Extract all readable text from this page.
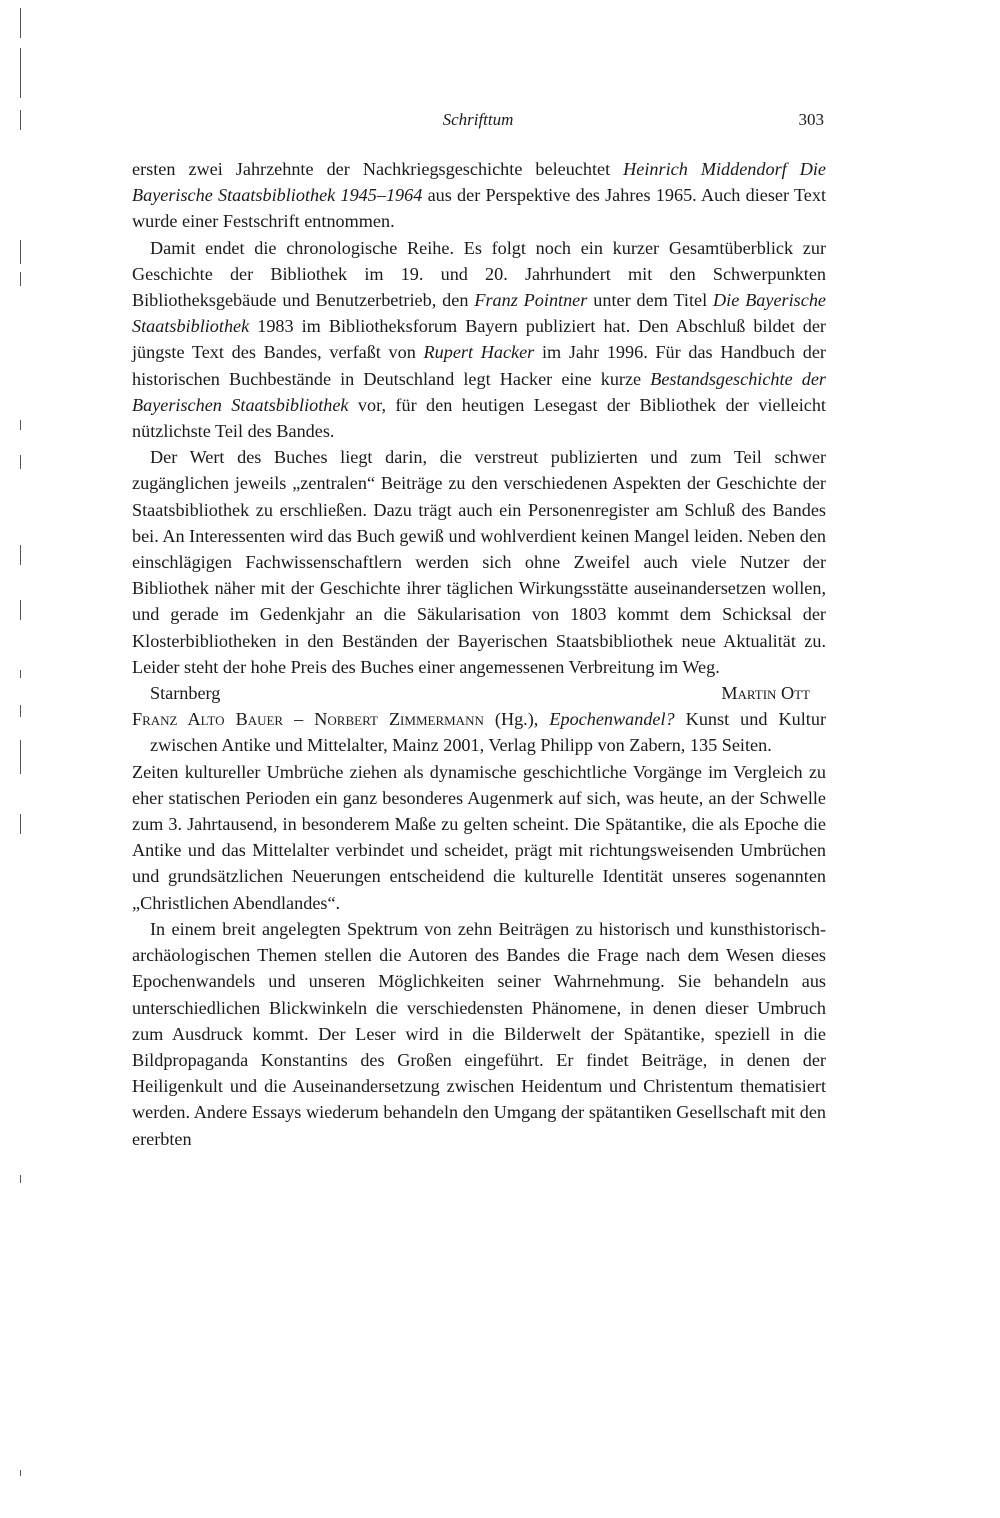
Schrifttum	303

ersten zwei Jahrzehnte der Nachkriegsgeschichte beleuchtet Heinrich Middendorf Die Bayerische Staatsbibliothek 1945–1964 aus der Perspektive des Jahres 1965. Auch dieser Text wurde einer Festschrift entnommen.

Damit endet die chronologische Reihe. Es folgt noch ein kurzer Gesamtüberblick zur Geschichte der Bibliothek im 19. und 20. Jahrhundert mit den Schwerpunkten Bibliotheksgebäude und Benutzerbetrieb, den Franz Pointner unter dem Titel Die Bayerische Staatsbibliothek 1983 im Bibliotheksforum Bayern publiziert hat. Den Abschluß bildet der jüngste Text des Bandes, verfaßt von Rupert Hacker im Jahr 1996. Für das Handbuch der historischen Buchbestände in Deutschland legt Hacker eine kurze Bestandsgeschichte der Bayerischen Staatsbibliothek vor, für den heutigen Lesegast der Bibliothek der vielleicht nützlichste Teil des Bandes.

Der Wert des Buches liegt darin, die verstreut publizierten und zum Teil schwer zugänglichen jeweils „zentralen“ Beiträge zu den verschiedenen Aspekten der Geschichte der Staatsbibliothek zu erschließen. Dazu trägt auch ein Personenregister am Schluß des Bandes bei. An Interessenten wird das Buch gewiß und wohlverdient keinen Mangel leiden. Neben den einschlägigen Fachwissenschaftlern werden sich ohne Zweifel auch viele Nutzer der Bibliothek näher mit der Geschichte ihrer täglichen Wirkungsstätte auseinandersetzen wollen, und gerade im Gedenkjahr an die Säkularisation von 1803 kommt dem Schicksal der Klosterbibliotheken in den Beständen der Bayerischen Staatsbibliothek neue Aktualität zu. Leider steht der hohe Preis des Buches einer angemessenen Verbreitung im Weg.

Starnberg	Martin Ott

Franz Alto Bauer – Norbert Zimmermann (Hg.), Epochenwandel? Kunst und Kultur zwischen Antike und Mittelalter, Mainz 2001, Verlag Philipp von Zabern, 135 Seiten.

Zeiten kultureller Umbrüche ziehen als dynamische geschichtliche Vorgänge im Vergleich zu eher statischen Perioden ein ganz besonderes Augenmerk auf sich, was heute, an der Schwelle zum 3. Jahrtausend, in besonderem Maße zu gelten scheint. Die Spätantike, die als Epoche die Antike und das Mittelalter verbindet und scheidet, prägt mit richtungsweisenden Umbrüchen und grundsätzlichen Neuerungen entscheidend die kulturelle Identität unseres sogenannten „Christlichen Abendlandes“.

In einem breit angelegten Spektrum von zehn Beiträgen zu historisch und kunsthistorisch-archäologischen Themen stellen die Autoren des Bandes die Frage nach dem Wesen dieses Epochenwandels und unseren Möglichkeiten seiner Wahrnehmung. Sie behandeln aus unterschiedlichen Blickwinkeln die verschiedensten Phänomene, in denen dieser Umbruch zum Ausdruck kommt. Der Leser wird in die Bilderwelt der Spätantike, speziell in die Bildpropaganda Konstantins des Großen eingeführt. Er findet Beiträge, in denen der Heiligenkult und die Auseinandersetzung zwischen Heidentum und Christentum thematisiert werden. Andere Essays wiederum behandeln den Umgang der spätantiken Gesellschaft mit den ererbten
